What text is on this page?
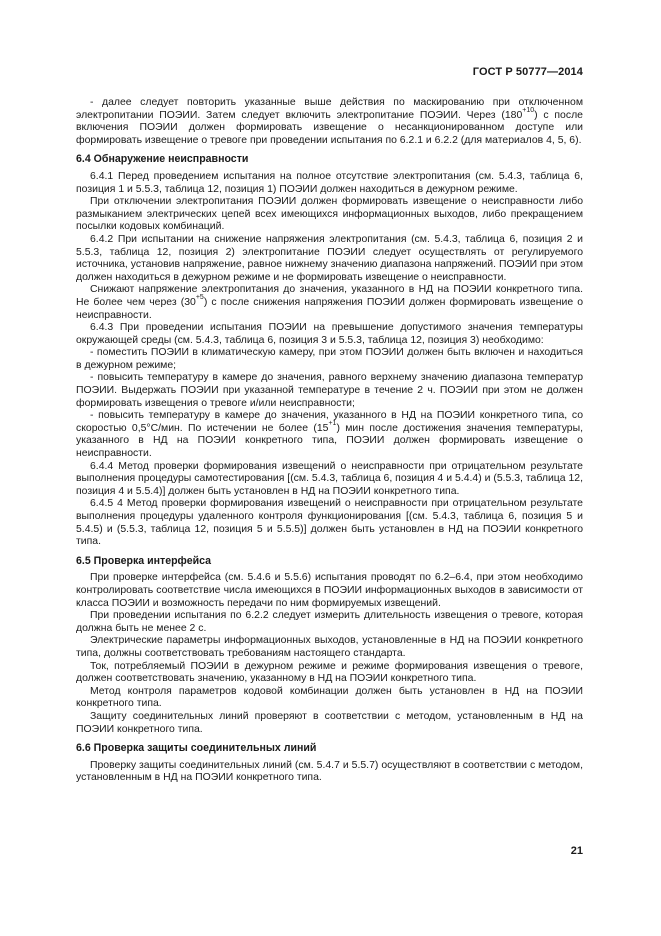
ГОСТ Р 50777—2014

- далее следует повторить указанные выше действия по маскированию при отключенном электропитании ПОЭИИ. Затем следует включить электропитание ПОЭИИ. Через $(180^{+10})$ с после включения ПОЭИИ должен формировать извещение о несанкционированном доступе или формировать извещение о тревоге при проведении испытания по 6.2.1 и 6.2.2 (для материалов 4, 5, 6).

6.4 Обнаружение неисправности

6.4.1 Перед проведением испытания на полное отсутствие электропитания (см. 5.4.3, таблица 6, позиция 1 и 5.5.3, таблица 12, позиция 1) ПОЭИИ должен находиться в дежурном режиме.

При отключении электропитания ПОЭИИ должен формировать извещение о неисправности либо размыканием электрических цепей всех имеющихся информационных выходов, либо прекращением посылки кодовых комбинаций.

6.4.2 При испытании на снижение напряжения электропитания (см. 5.4.3, таблица 6, позиция 2 и 5.5.3, таблица 12, позиция 2) электропитание ПОЭИИ следует осуществлять от регулируемого источника, установив напряжение, равное нижнему значению диапазона напряжений. ПОЭИИ при этом должен находиться в дежурном режиме и не формировать извещение о неисправности.

Снижают напряжение электропитания до значения, указанного в НД на ПОЭИИ конкретного типа. Не более чем через $(30^{+5})$ с после снижения напряжения ПОЭИИ должен формировать извещение о неисправности.

6.4.3 При проведении испытания ПОЭИИ на превышение допустимого значения температуры окружающей среды (см. 5.4.3, таблица 6, позиция 3 и 5.5.3, таблица 12, позиция 3) необходимо:

- поместить ПОЭИИ в климатическую камеру, при этом ПОЭИИ должен быть включен и находиться в дежурном режиме;

- повысить температуру в камере до значения, равного верхнему значению диапазона температур ПОЭИИ. Выдержать ПОЭИИ при указанной температуре в течение 2 ч. ПОЭИИ при этом не должен формировать извещения о тревоге и/или неисправности;

- повысить температуру в камере до значения, указанного в НД на ПОЭИИ конкретного типа, со скоростью 0,5°С/мин. По истечении не более $(15^{+1})$ мин после достижения значения температуры, указанного в НД на ПОЭИИ конкретного типа, ПОЭИИ должен формировать извещение о неисправности.

6.4.4 Метод проверки формирования извещений о неисправности при отрицательном результате выполнения процедуры самотестирования [(см. 5.4.3, таблица 6, позиция 4 и 5.4.4) и (5.5.3, таблица 12, позиция 4 и 5.5.4)] должен быть установлен в НД на ПОЭИИ конкретного типа.

6.4.5 4 Метод проверки формирования извещений о неисправности при отрицательном результате выполнения процедуры удаленного контроля функционирования [(см. 5.4.3, таблица 6, позиция 5 и 5.4.5) и (5.5.3, таблица 12, позиция 5 и 5.5.5)] должен быть установлен в НД на ПОЭИИ конкретного типа.

6.5 Проверка интерфейса

При проверке интерфейса (см. 5.4.6 и 5.5.6) испытания проводят по 6.2–6.4, при этом необходимо контролировать соответствие числа имеющихся в ПОЭИИ информационных выходов в зависимости от класса ПОЭИИ и возможность передачи по ним формируемых извещений.

При проведении испытания по 6.2.2 следует измерить длительность извещения о тревоге, которая должна быть не менее 2 с.

Электрические параметры информационных выходов, установленные в НД на ПОЭИИ конкретного типа, должны соответствовать требованиям настоящего стандарта.

Ток, потребляемый ПОЭИИ в дежурном режиме и режиме формирования извещения о тревоге, должен соответствовать значению, указанному в НД на ПОЭИИ конкретного типа.

Метод контроля параметров кодовой комбинации должен быть установлен в НД на ПОЭИИ конкретного типа.

Защиту соединительных линий проверяют в соответствии с методом, установленным в НД на ПОЭИИ конкретного типа.

6.6 Проверка защиты соединительных линий

Проверку защиты соединительных линий (см. 5.4.7 и 5.5.7) осуществляют в соответствии с методом, установленным в НД на ПОЭИИ конкретного типа.

21
